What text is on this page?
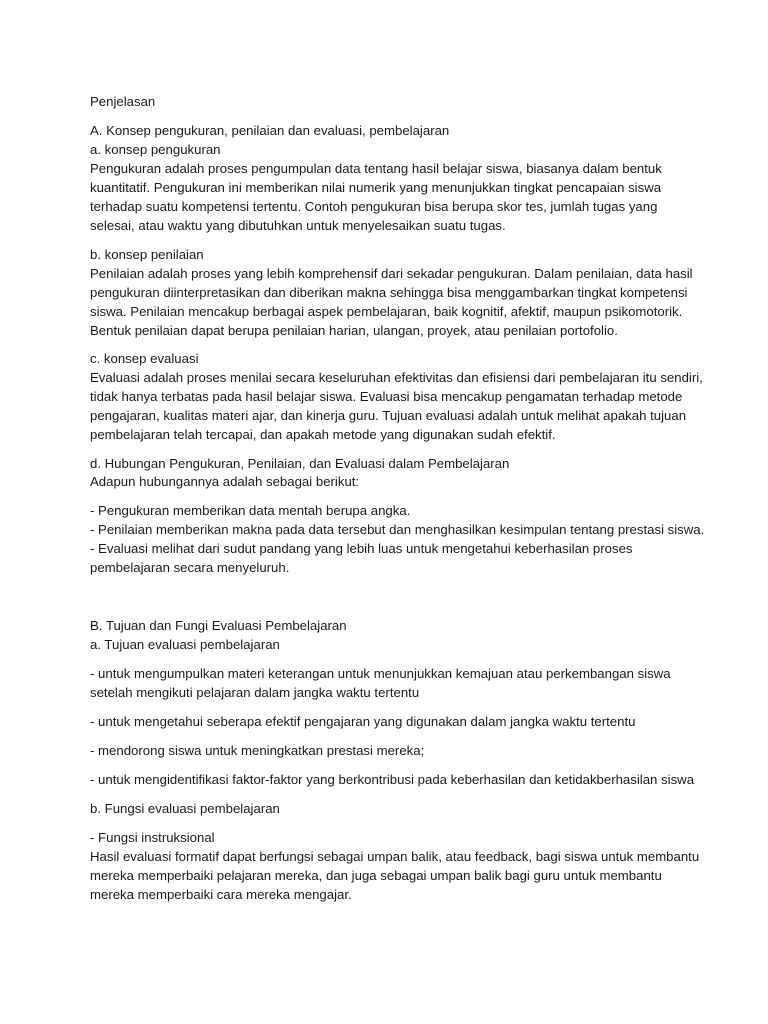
Penjelasan

A. Konsep pengukuran, penilaian dan evaluasi, pembelajaran

a. konsep pengukuran

Pengukuran adalah proses pengumpulan data tentang hasil belajar siswa, biasanya dalam bentuk

kuantitatif. Pengukuran ini memberikan nilai numerik yang menunjukkan tingkat pencapaian siswa

terhadap suatu kompetensi tertentu. Contoh pengukuran bisa berupa skor tes, jumlah tugas yang

selesai, atau waktu yang dibutuhkan untuk menyelesaikan suatu tugas.

b. konsep penilaian

Penilaian adalah proses yang lebih komprehensif dari sekadar pengukuran. Dalam penilaian, data hasil

pengukuran diinterpretasikan dan diberikan makna sehingga bisa menggambarkan tingkat kompetensi

siswa. Penilaian mencakup berbagai aspek pembelajaran, baik kognitif, afektif, maupun psikomotorik.

Bentuk penilaian dapat berupa penilaian harian, ulangan, proyek, atau penilaian portofolio.

c. konsep evaluasi

Evaluasi adalah proses menilai secara keseluruhan efektivitas dan efisiensi dari pembelajaran itu sendiri,

tidak hanya terbatas pada hasil belajar siswa. Evaluasi bisa mencakup pengamatan terhadap metode

pengajaran, kualitas materi ajar, dan kinerja guru. Tujuan evaluasi adalah untuk melihat apakah tujuan

pembelajaran telah tercapai, dan apakah metode yang digunakan sudah efektif.

d. Hubungan Pengukuran, Penilaian, dan Evaluasi dalam Pembelajaran

Adapun hubungannya adalah sebagai berikut:

- Pengukuran memberikan data mentah berupa angka.

- Penilaian memberikan makna pada data tersebut dan menghasilkan kesimpulan tentang prestasi siswa.

- Evaluasi melihat dari sudut pandang yang lebih luas untuk mengetahui keberhasilan proses

pembelajaran secara menyeluruh.

B. Tujuan dan Fungi Evaluasi Pembelajaran

a. Tujuan evaluasi pembelajaran

- untuk mengumpulkan materi keterangan untuk menunjukkan kemajuan atau perkembangan siswa

setelah mengikuti pelajaran dalam jangka waktu tertentu

- untuk mengetahui seberapa efektif pengajaran yang digunakan dalam jangka waktu tertentu

- mendorong siswa untuk meningkatkan prestasi mereka;

- untuk mengidentifikasi faktor-faktor yang berkontribusi pada keberhasilan dan ketidakberhasilan siswa

b. Fungsi evaluasi pembelajaran

- Fungsi instruksional

Hasil evaluasi formatif dapat berfungsi sebagai umpan balik, atau feedback, bagi siswa untuk membantu

mereka memperbaiki pelajaran mereka, dan juga sebagai umpan balik bagi guru untuk membantu

mereka memperbaiki cara mereka mengajar.
